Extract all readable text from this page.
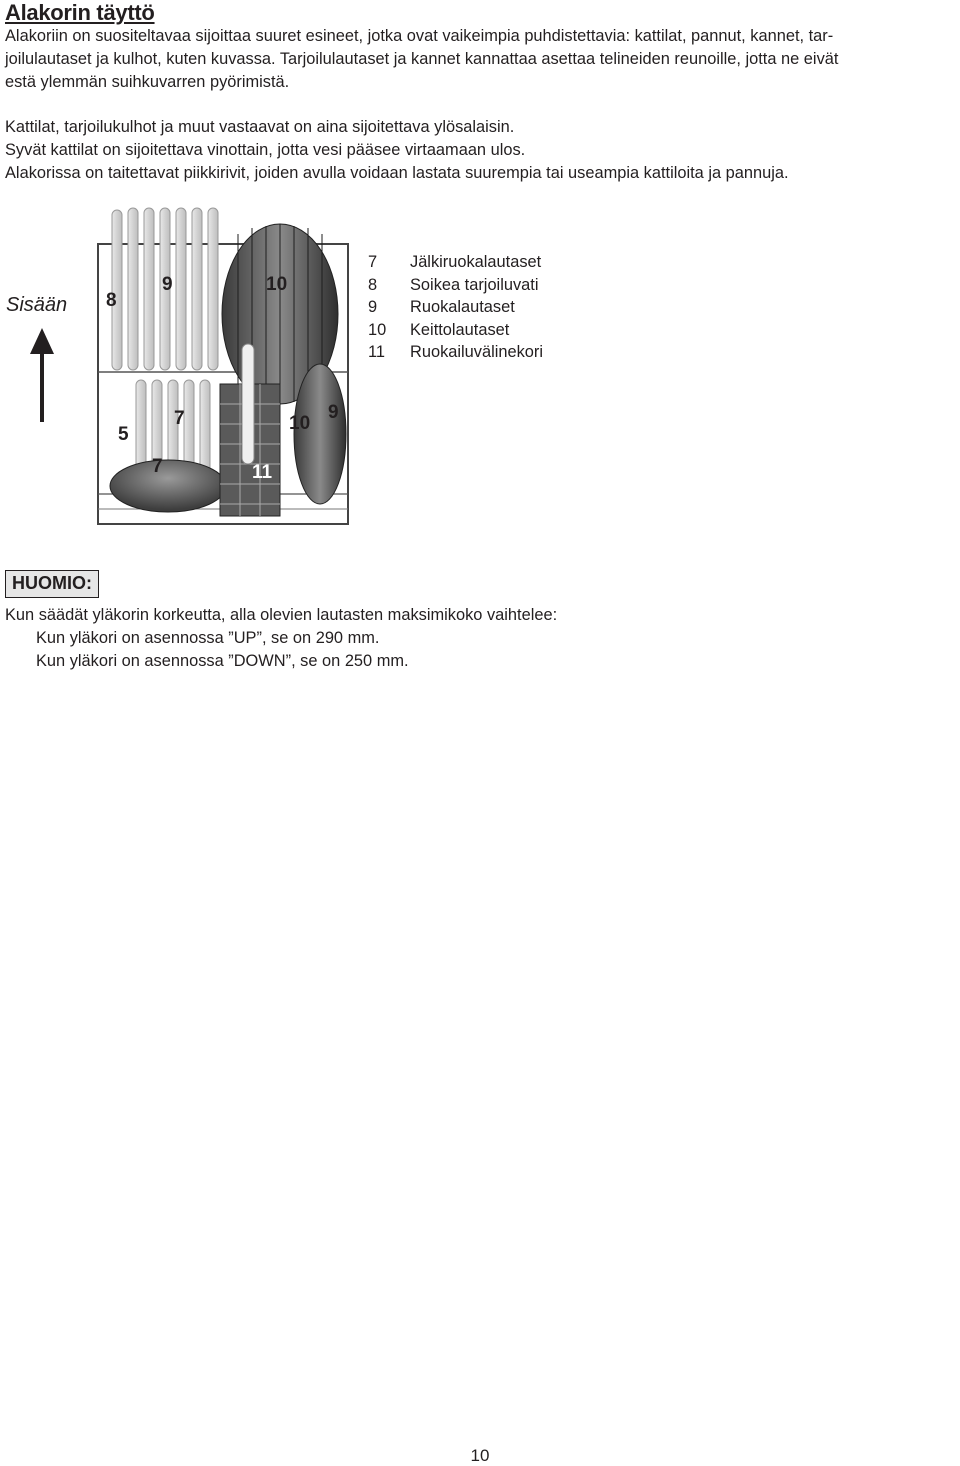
Alakorin täyttö

Alakoriin on suositeltavaa sijoittaa suuret esineet, jotka ovat vaikeimpia puhdistettavia: kattilat, pannut, kannet, tar-
joilulautaset ja kulhot, kuten kuvassa. Tarjoilulautaset ja kannet kannattaa asettaa telineiden reunoille, jotta ne eivät
estä ylemmän suihkuvarren pyörimistä.

Kattilat, tarjoilukulhot ja muut vastaavat on aina sijoitettava ylösalaisin.

Syvät kattilat on sijoitettava vinottain, jotta vesi pääsee virtaamaan ulos.

Alakorissa on taitettavat piikkirivit, joiden avulla voidaan lastata suurempia tai useampia kattiloita ja pannuja.

Sisään 8
9	10
5
7	10
9
7	11
7	Jälkiruokalautaset
8	Soikea tarjoiluvati
9	Ruokalautaset
10	Keittolautaset
11	Ruokailuvälinekori
HUOMIO:

Kun säädät yläkorin korkeutta, alla olevien lautasten maksimikoko vaihtelee:
Kun yläkori on asennossa ”UP”, se on 290 mm.
Kun yläkori on asennossa ”DOWN”, se on 250 mm.

10
